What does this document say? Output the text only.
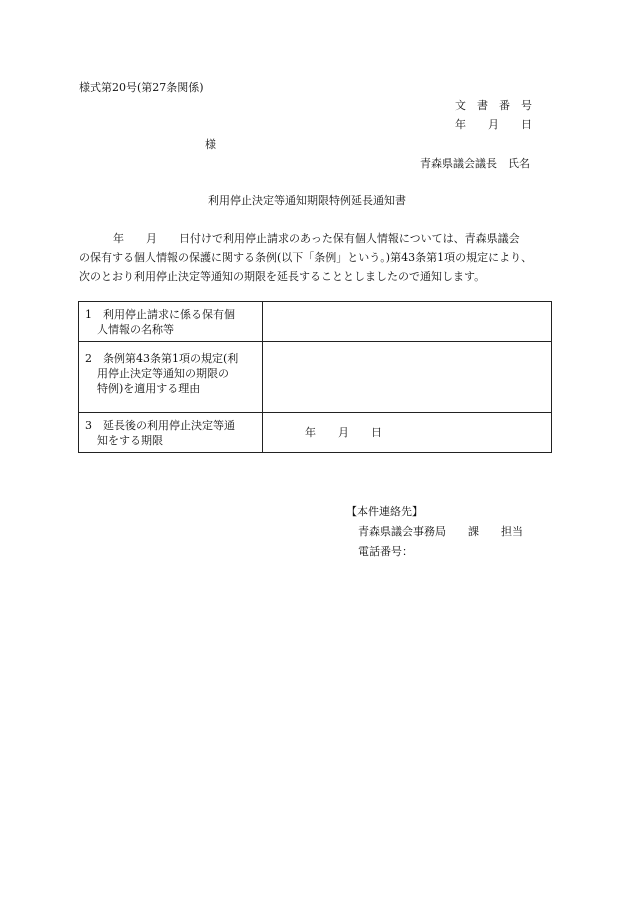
様式第20号(第27条関係)
文　書　番　号
年　　月　　日
様
青森県議会議長　氏名
利用停止決定等通知期限特例延長通知書
年　　月　　日付けで利用停止請求のあった保有個人情報については、青森県議会
の保有する個人情報の保護に関する条例(以下「条例」という。)第43条第1項の規定により、
次のとおり利用停止決定等通知の期限を延長することとしましたので通知します。
1　利用停止請求に係る保有個
人情報の名称等	

2　条例第43条第1項の規定(利
用停止決定等通知の期限の
特例)を適用する理由	

3　延長後の利用停止決定等通
知をする期限	年　　月　　日
【本件連絡先】
青森県議会事務局　　課　　担当
電話番号：
